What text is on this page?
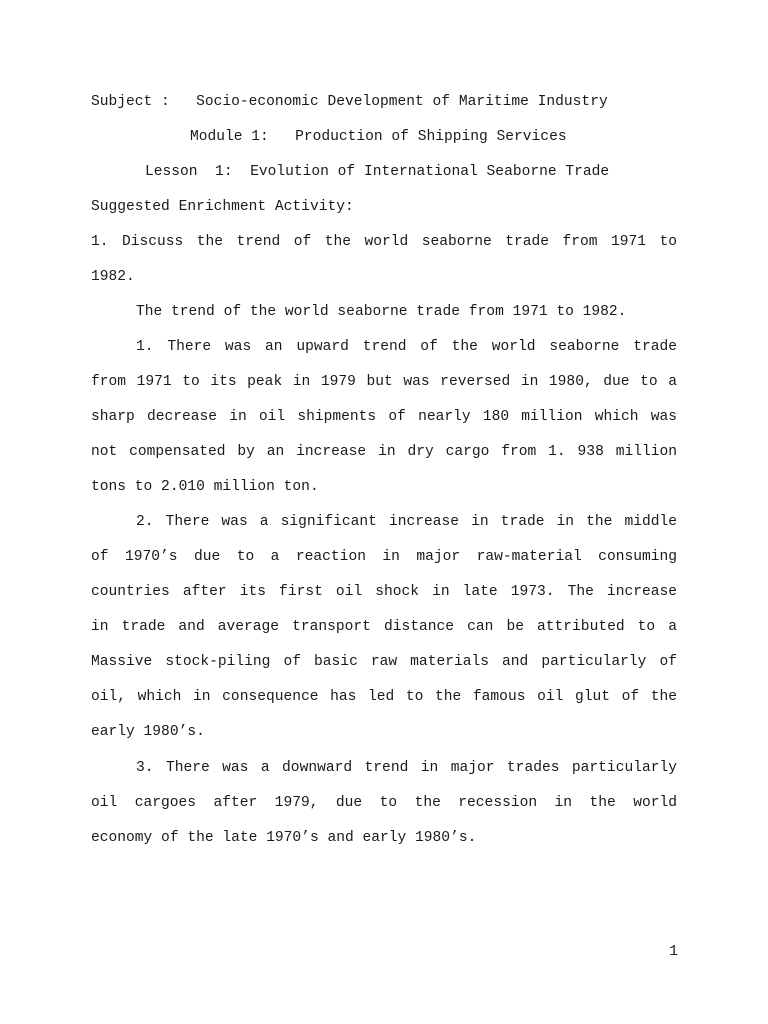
Subject :   Socio-economic Development of Maritime Industry
Module 1:   Production of Shipping Services
Lesson  1:  Evolution of International Seaborne Trade
Suggested Enrichment Activity:
1. Discuss the trend of the world seaborne trade from 1971 to
1982.
The trend of the world seaborne trade from 1971 to 1982.
1. There was an upward trend of the world seaborne trade
from 1971 to its peak in 1979 but was reversed in 1980, due to a
sharp decrease in oil shipments of nearly 180 million which was
not compensated by an increase in dry cargo from 1. 938 million
tons to 2.010 million ton.
2. There was a significant increase in trade in the middle
of 1970’s due to a reaction in major raw-material consuming
countries after its first oil shock in late 1973. The increase
in trade and average transport distance can be attributed to a
Massive stock-piling of basic raw materials and particularly of
oil, which in consequence has led to the famous oil glut of the
early 1980’s.
3. There was a downward trend in major trades particularly
oil cargoes after 1979, due to the recession in the world
economy of the late 1970’s and early 1980’s.
1
